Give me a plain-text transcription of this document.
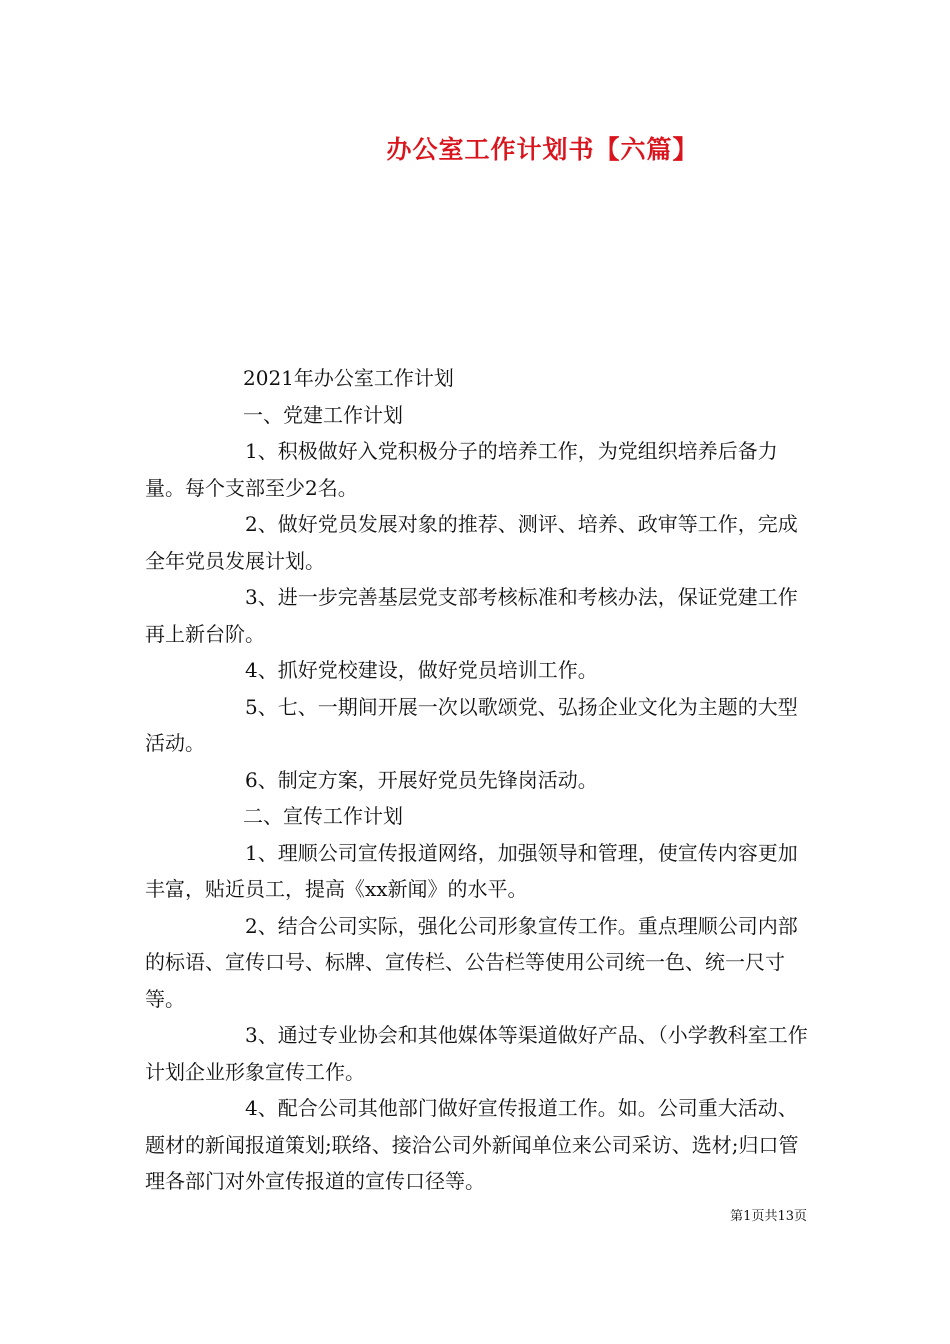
办公室工作计划书【六篇】

2021年办公室工作计划

一、党建工作计划

1、积极做好入党积极分子的培养工作，为党组织培养后备力量。每个支部至少2名。

2、做好党员发展对象的推荐、测评、培养、政审等工作，完成全年党员发展计划。

3、进一步完善基层党支部考核标准和考核办法，保证党建工作再上新台阶。

4、抓好党校建设，做好党员培训工作。

5、七、一期间开展一次以歌颂党、弘扬企业文化为主题的大型活动。

6、制定方案，开展好党员先锋岗活动。

二、宣传工作计划

1、理顺公司宣传报道网络，加强领导和管理，使宣传内容更加丰富，贴近员工，提高《xx新闻》的水平。

2、结合公司实际，强化公司形象宣传工作。重点理顺公司内部的标语、宣传口号、标牌、宣传栏、公告栏等使用公司统一色、统一尺寸等。

3、通过专业协会和其他媒体等渠道做好产品、（小学教科室工作计划企业形象宣传工作。

4、配合公司其他部门做好宣传报道工作。如。公司重大活动、题材的新闻报道策划;联络、接洽公司外新闻单位来公司采访、选材;归口管理各部门对外宣传报道的宣传口径等。

第1页共13页
